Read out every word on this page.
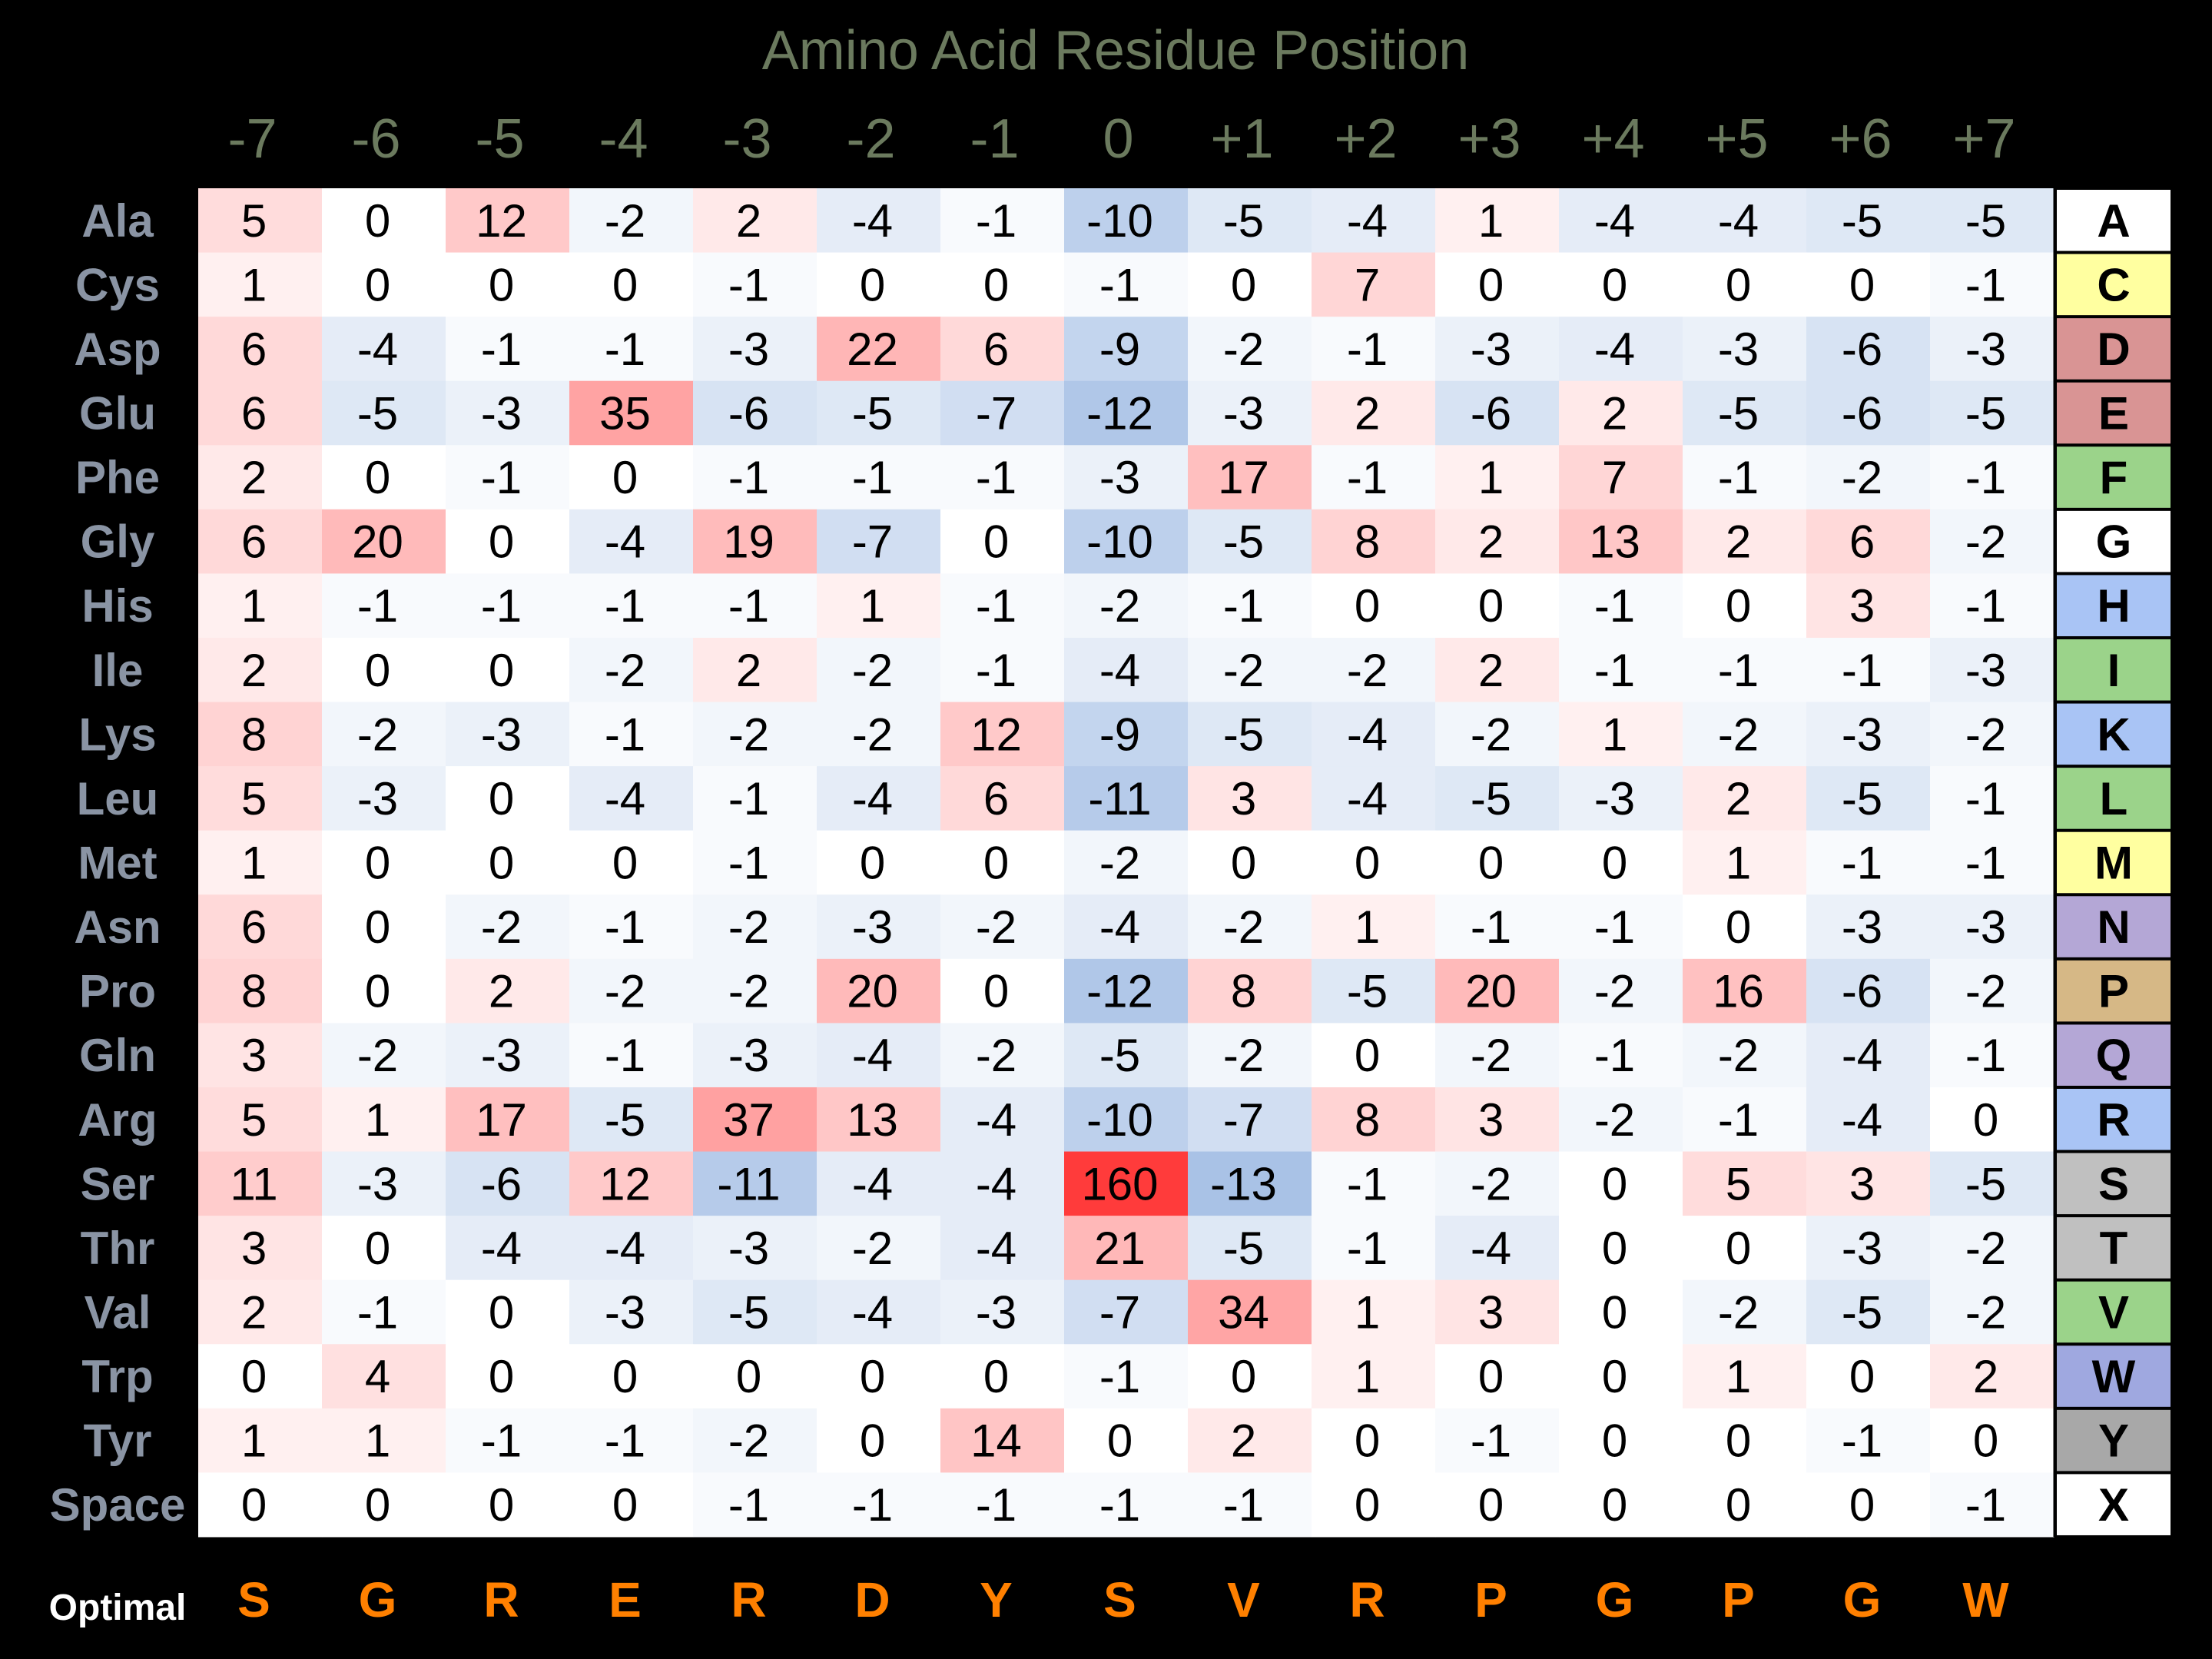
Amino Acid Residue Position
-7 -6 -5 -4 -3 -2 -1 0 +1 +2 +3 +4 +5 +6 +7
Ala
Cys
Asp
Glu
Phe
Gly
His
Ile
Lys
Leu
Met
Asn
Pro
Gln
Arg
Ser
Thr
Val
Trp
Tyr
Space
5 0 12 -2 2 -4 -1 -10 -5 -4 1 -4 -4 -5 -5
1 0 0 0 -1 0 0 -1 0 7 0 0 0 0 -1
6 -4 -1 -1 -3 22 6 -9 -2 -1 -3 -4 -3 -6 -3
6 -5 -3 35 -6 -5 -7 -12 -3 2 -6 2 -5 -6 -5
2 0 -1 0 -1 -1 -1 -3 17 -1 1 7 -1 -2 -1
6 20 0 -4 19 -7 0 -10 -5 8 2 13 2 6 -2
1 -1 -1 -1 -1 1 -1 -2 -1 0 0 -1 0 3 -1
2 0 0 -2 2 -2 -1 -4 -2 -2 2 -1 -1 -1 -3
8 -2 -3 -1 -2 -2 12 -9 -5 -4 -2 1 -2 -3 -2
5 -3 0 -4 -1 -4 6 -11 3 -4 -5 -3 2 -5 -1
1 0 0 0 -1 0 0 -2 0 0 0 0 1 -1 -1
6 0 -2 -1 -2 -3 -2 -4 -2 1 -1 -1 0 -3 -3
8 0 2 -2 -2 20 0 -12 8 -5 20 -2 16 -6 -2
3 -2 -3 -1 -3 -4 -2 -5 -2 0 -2 -1 -2 -4 -1
5 1 17 -5 37 13 -4 -10 -7 8 3 -2 -1 -4 0
11 -3 -6 12 -11 -4 -4 160 -13 -1 -2 0 5 3 -5
3 0 -4 -4 -3 -2 -4 21 -5 -1 -4 0 0 -3 -2
2 -1 0 -3 -5 -4 -3 -7 34 1 3 0 -2 -5 -2
0 4 0 0 0 0 0 -1 0 1 0 0 1 0 2
1 1 -1 -1 -2 0 14 0 2 0 -1 0 0 -1 0
0 0 0 0 -1 -1 -1 -1 -1 0 0 0 0 0 -1
A
C
D
E
F
G
H
I
K
L
M
N
P
Q
R
S
T
V
W
Y
X
Optimal S G R E R D Y S V R P G P G W
